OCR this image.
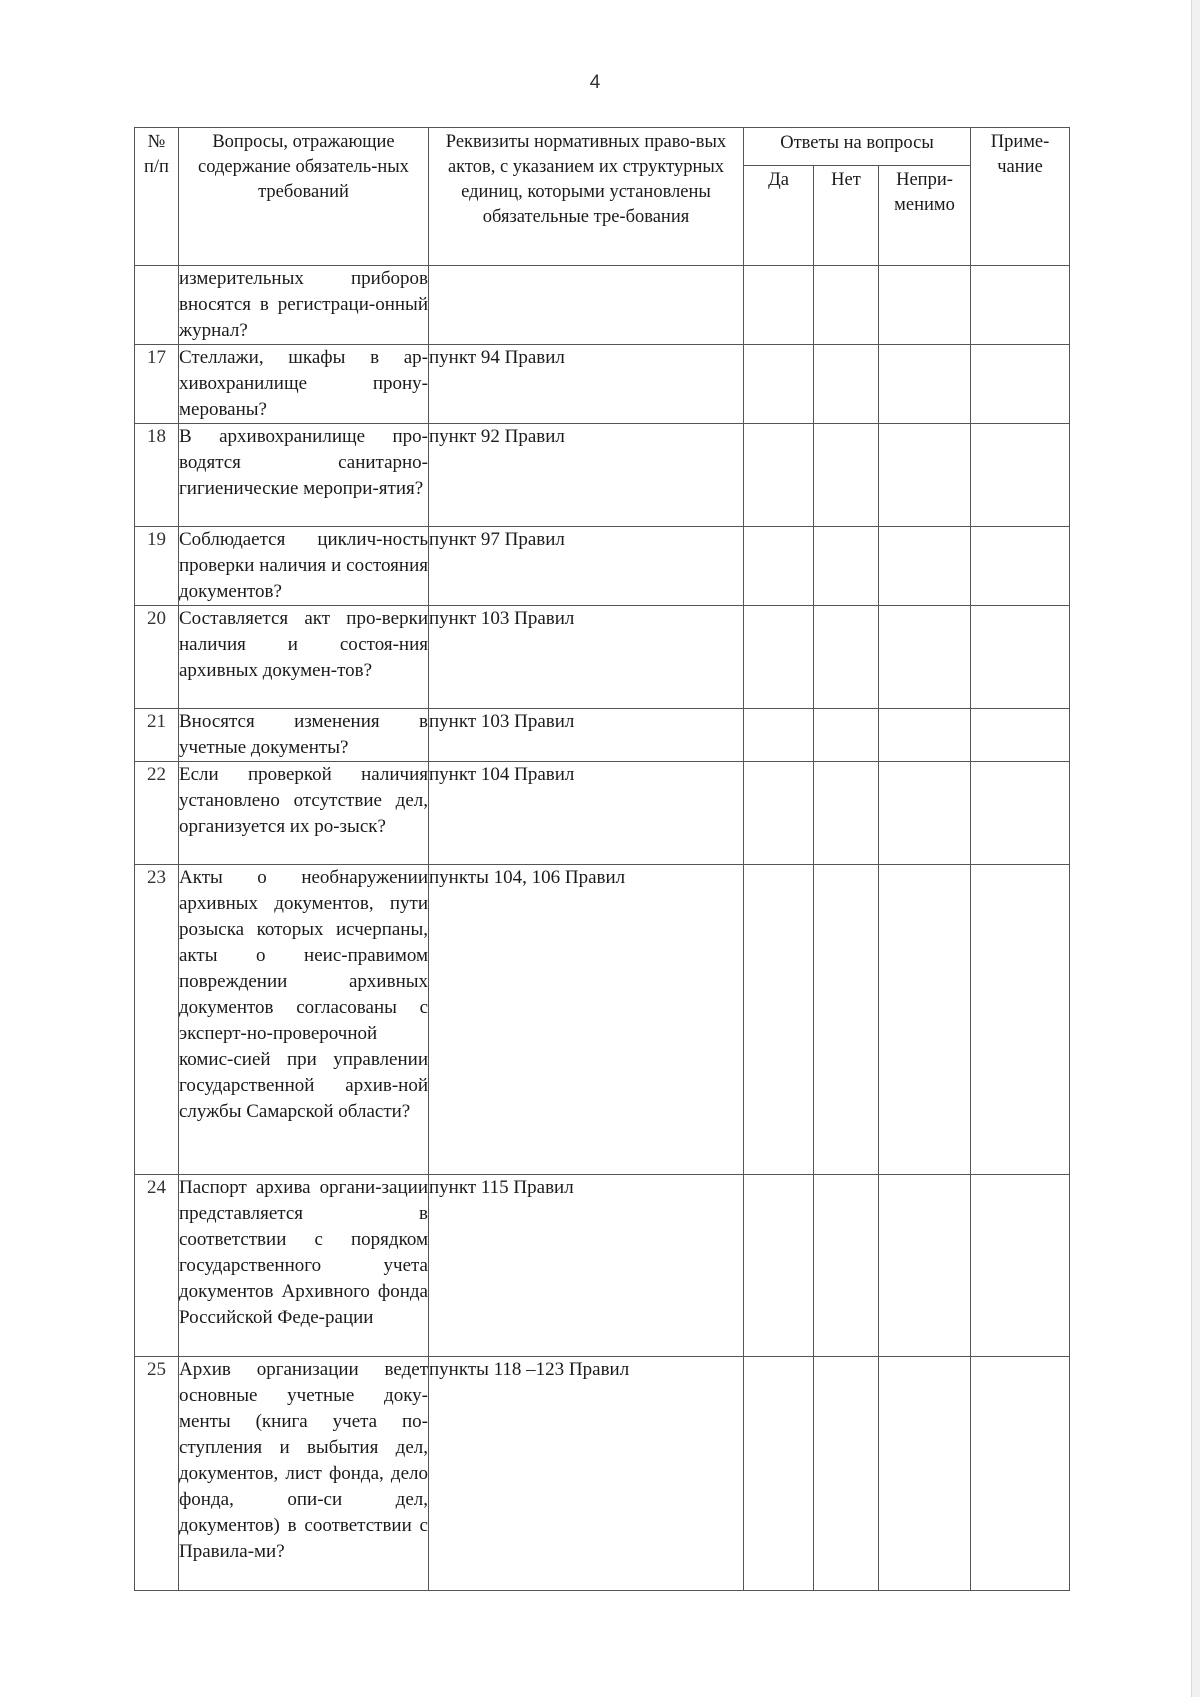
4
№ п/п	Вопросы, отражающие содержание обязатель-ных требований	Реквизиты нормативных право-вых актов, с указанием их структурных единиц, которыми установлены обязательные тре-бования	Ответы на вопросы			Приме-чание
			Да	Нет	Непри-менимо	
	измерительных приборов вносятся в регистраци-онный журнал?					
17	Стеллажи, шкафы в ар-хивохранилище прону-мерованы?	пункт 94 Правил				
18	В архивохранилище про-водятся санитарно-гигиенические меропри-ятия?	пункт 92 Правил				
19	Соблюдается циклич-ность проверки наличия и состояния документов?	пункт 97 Правил				
20	Составляется акт про-верки наличия и состоя-ния архивных докумен-тов?	пункт 103 Правил				
21	Вносятся изменения в учетные документы?	пункт 103 Правил				
22	Если проверкой наличия установлено отсутствие дел, организуется их ро-зыск?	пункт 104 Правил				
23	Акты о необнаружении архивных документов, пути розыска которых исчерпаны, акты о неис-правимом повреждении архивных документов согласованы с эксперт-но-проверочной комис-сией при управлении государственной архив-ной службы Самарской области?	пункты 104, 106 Правил				
24	Паспорт архива органи-зации представляется в соответствии с порядком государственного учета документов Архивного фонда Российской Феде-рации	пункт 115 Правил				
25	Архив организации ведет основные учетные доку-менты (книга учета по-ступления и выбытия дел, документов, лист фонда, дело фонда, опи-си дел, документов) в соответствии с Правила-ми?	пункты 118 –123 Правил				
